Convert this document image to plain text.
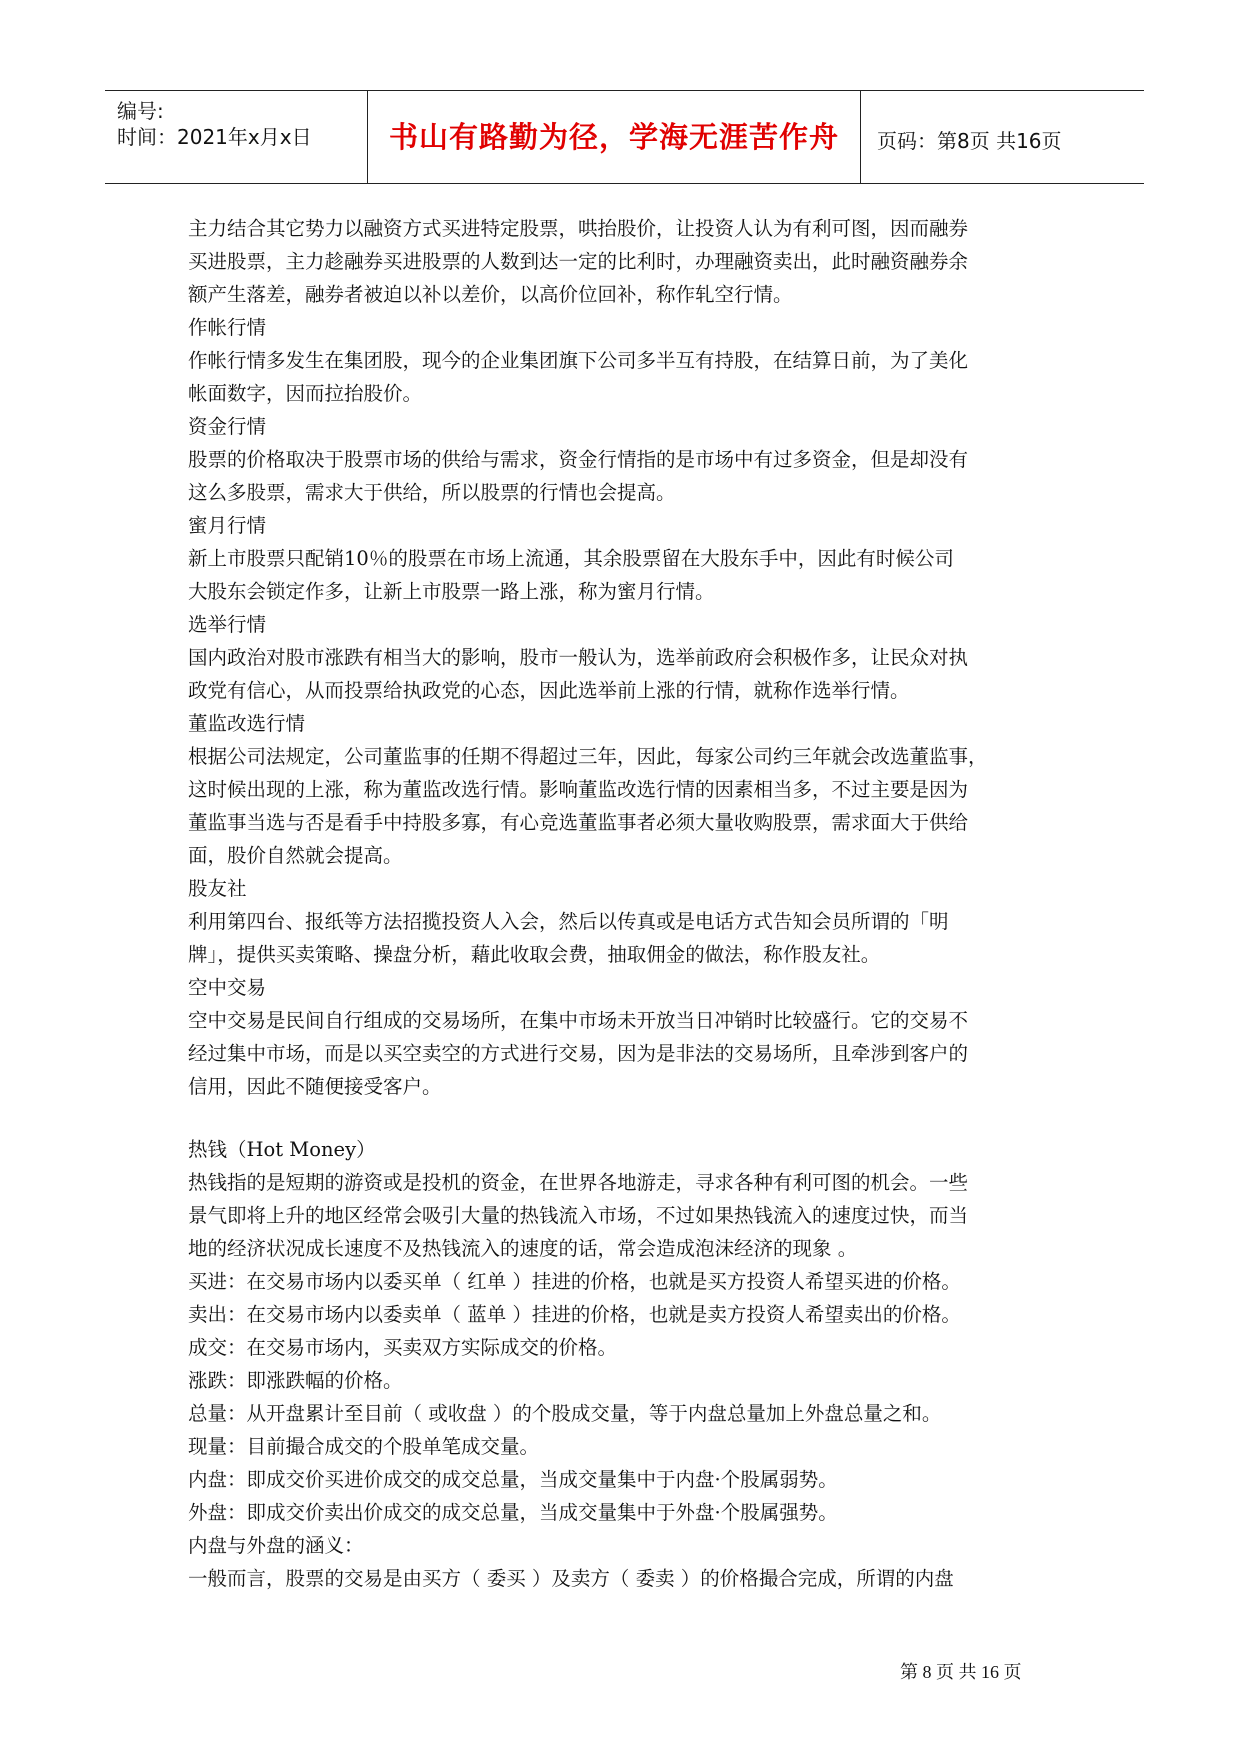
编号:
时间：2021年x月x日	书山有路勤为径，学海无涯苦作舟	页码：第8页 共16页
主力结合其它势力以融资方式买进特定股票，哄抬股价，让投资人认为有利可图，因而融券
买进股票，主力趁融券买进股票的人数到达一定的比利时，办理融资卖出，此时融资融券余
额产生落差，融券者被迫以补以差价，以高价位回补，称作轧空行情。
作帐行情
作帐行情多发生在集团股，现今的企业集团旗下公司多半互有持股，在结算日前，为了美化
帐面数字，因而拉抬股价。
资金行情
股票的价格取决于股票市场的供给与需求，资金行情指的是市场中有过多资金，但是却没有
这么多股票，需求大于供给，所以股票的行情也会提高。
蜜月行情
新上市股票只配销10％的股票在市场上流通，其余股票留在大股东手中，因此有时候公司
大股东会锁定作多，让新上市股票一路上涨，称为蜜月行情。
选举行情
国内政治对股市涨跌有相当大的影响，股市一般认为，选举前政府会积极作多，让民众对执
政党有信心，从而投票给执政党的心态，因此选举前上涨的行情，就称作选举行情。
董监改选行情
根据公司法规定，公司董监事的任期不得超过三年，因此，每家公司约三年就会改选董监事，
这时候出现的上涨，称为董监改选行情。影响董监改选行情的因素相当多，不过主要是因为
董监事当选与否是看手中持股多寡，有心竞选董监事者必须大量收购股票，需求面大于供给
面，股价自然就会提高。
股友社
利用第四台、报纸等方法招揽投资人入会，然后以传真或是电话方式告知会员所谓的「明
牌」，提供买卖策略、操盘分析，藉此收取会费，抽取佣金的做法，称作股友社。
空中交易
空中交易是民间自行组成的交易场所，在集中市场未开放当日冲销时比较盛行。它的交易不
经过集中市场，而是以买空卖空的方式进行交易，因为是非法的交易场所，且牵涉到客户的
信用，因此不随便接受客户。
热钱（Hot Money）
热钱指的是短期的游资或是投机的资金，在世界各地游走，寻求各种有利可图的机会。一些
景气即将上升的地区经常会吸引大量的热钱流入市场，不过如果热钱流入的速度过快，而当
地的经济状况成长速度不及热钱流入的速度的话，常会造成泡沫经济的现象 。
买进：在交易市场内以委买单（ 红单 ）挂进的价格，也就是买方投资人希望买进的价格。
卖出：在交易市场内以委卖单（ 蓝单 ）挂进的价格，也就是卖方投资人希望卖出的价格。
成交：在交易市场内，买卖双方实际成交的价格。
涨跌：即涨跌幅的价格。
总量：从开盘累计至目前（ 或收盘 ）的个股成交量，等于内盘总量加上外盘总量之和。
现量：目前撮合成交的个股单笔成交量。
内盘：即成交价买进价成交的成交总量，当成交量集中于内盘·个股属弱势。
外盘：即成交价卖出价成交的成交总量，当成交量集中于外盘·个股属强势。
内盘与外盘的涵义：
一般而言，股票的交易是由买方（ 委买 ）及卖方（ 委卖 ）的价格撮合完成，所谓的内盘
第 8 页 共 16 页
